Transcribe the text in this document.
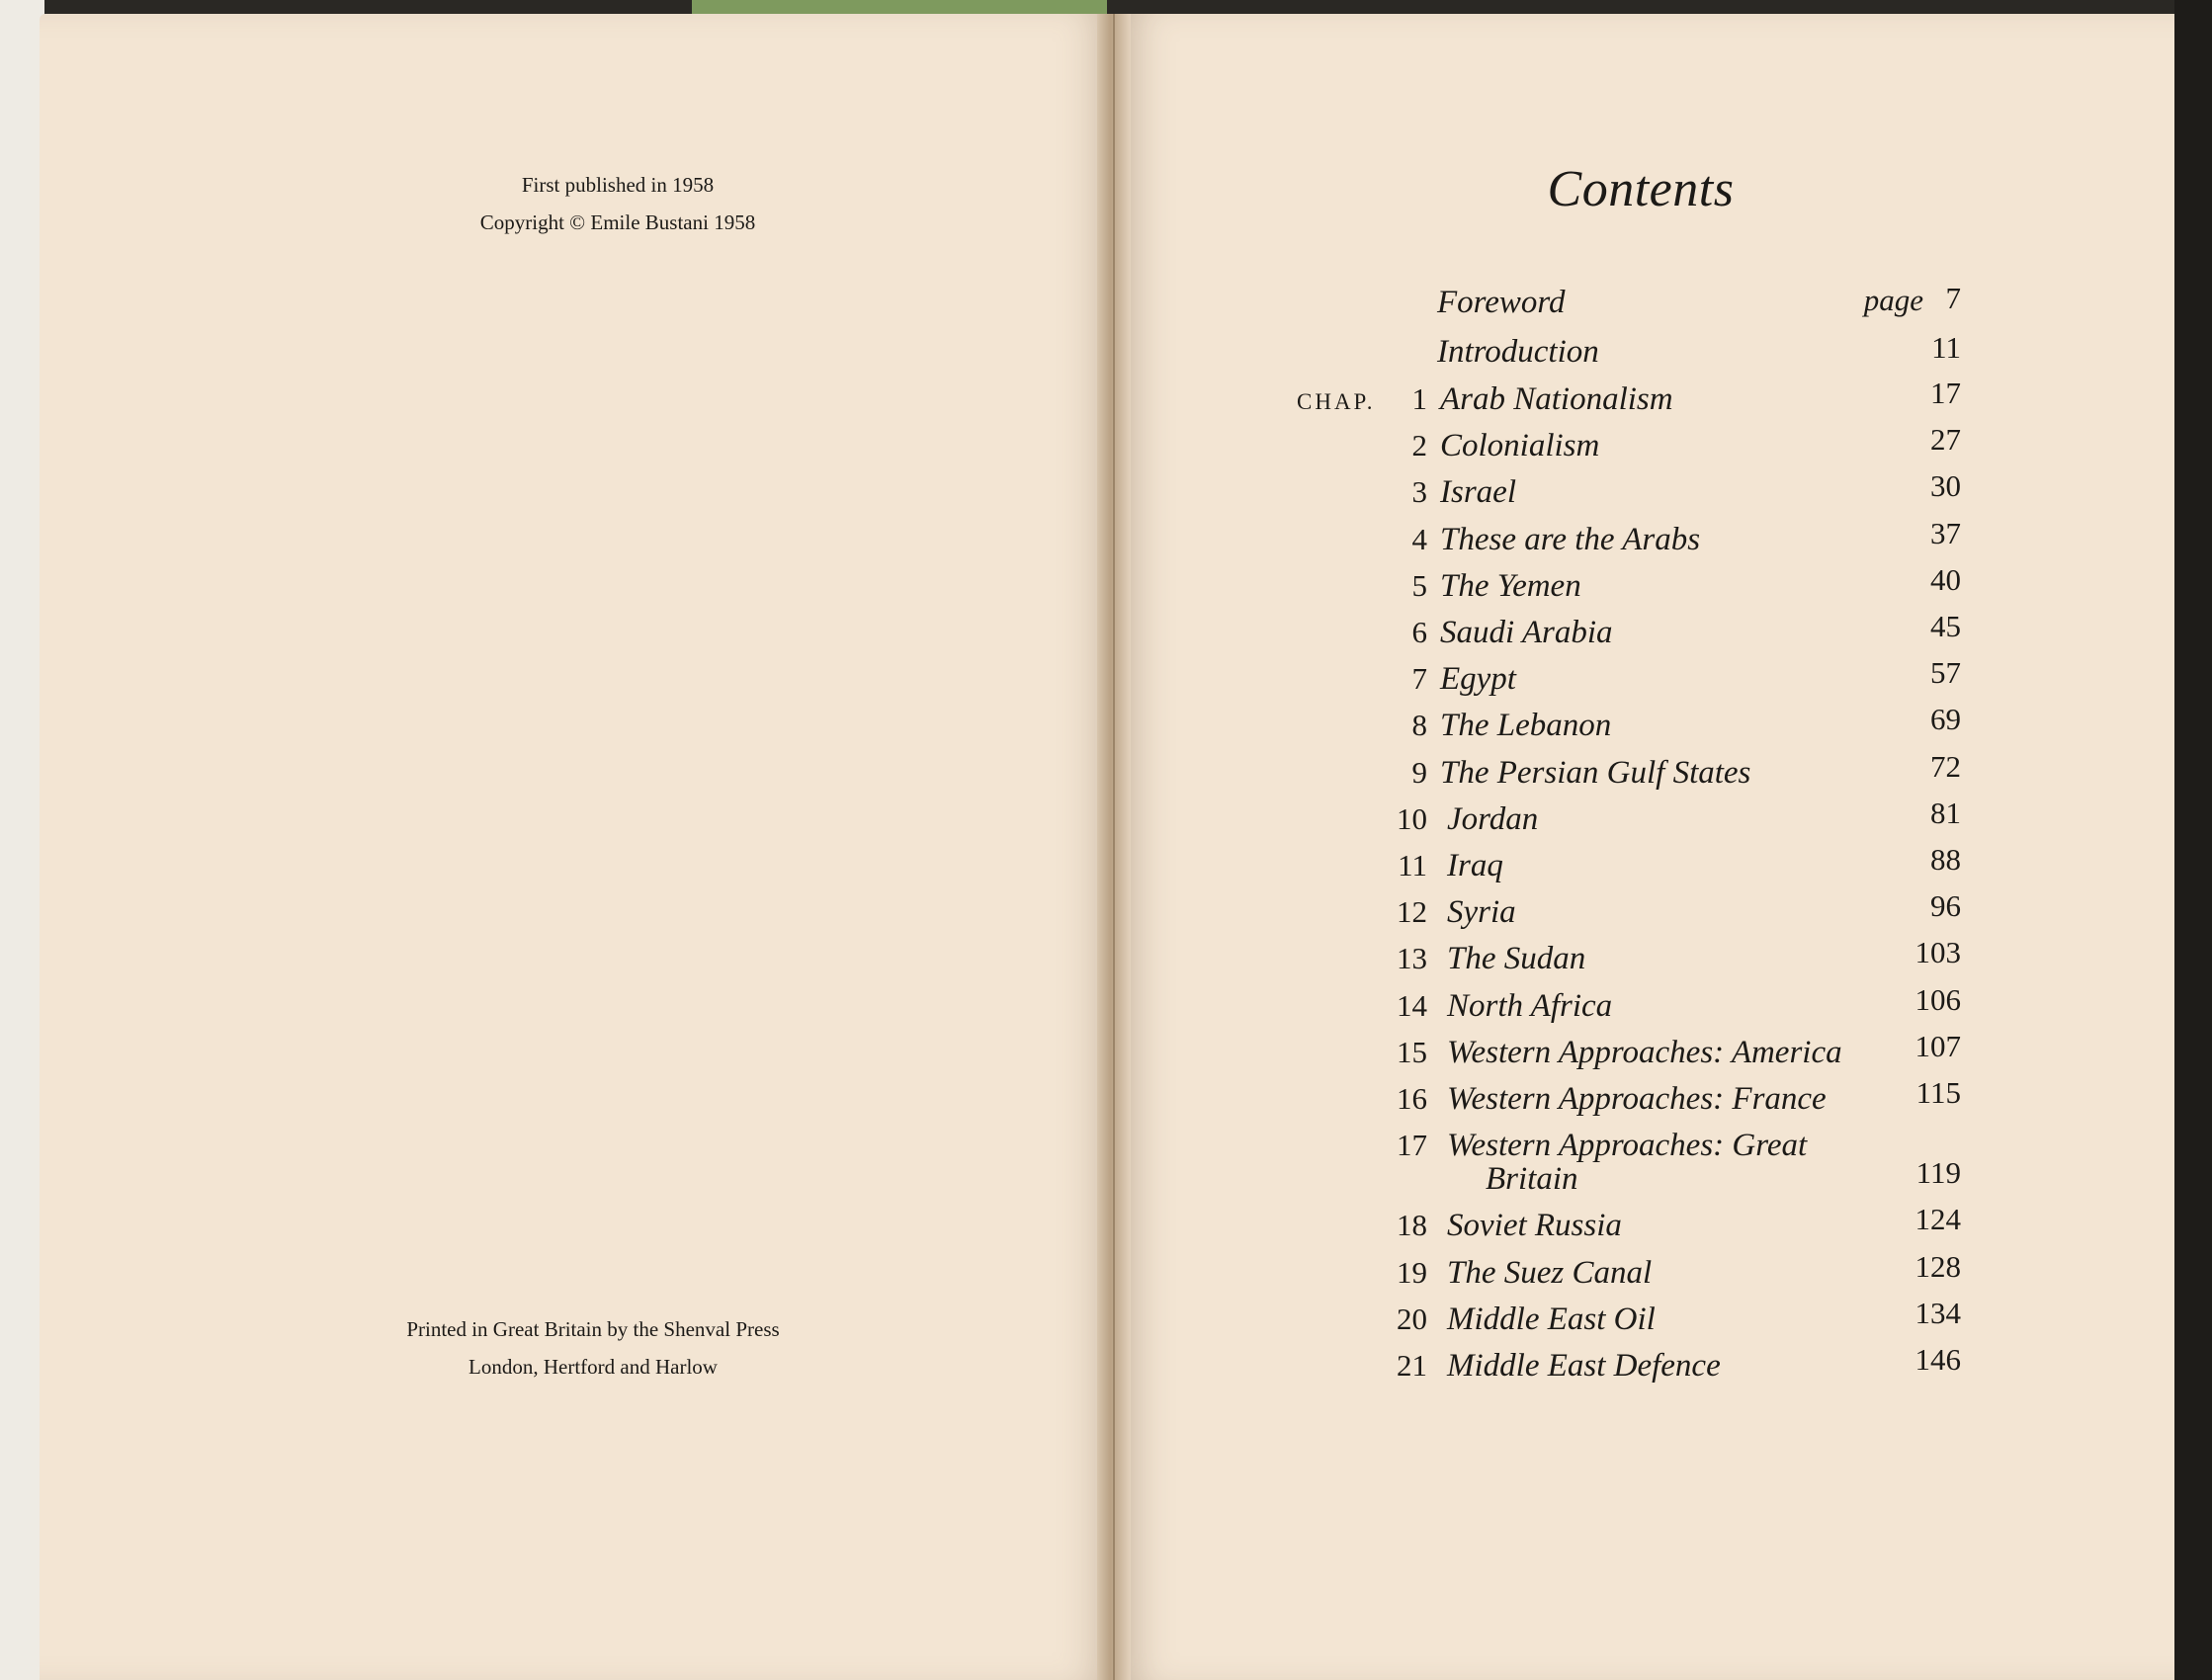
First published in 1958
Copyright © Emile Bustani 1958
Printed in Great Britain by the Shenval Press
London, Hertford and Harlow
Contents
Foreword	page 7
Introduction	11
CHAP.	1 Arab Nationalism	17
2 Colonialism	27
3 Israel	30
4 These are the Arabs	37
5 The Yemen	40
6 Saudi Arabia	45
7 Egypt	57
8 The Lebanon	69
9 The Persian Gulf States	72
10 Jordan	81
11 Iraq	88
12 Syria	96
13 The Sudan	103
14 North Africa	106
15 Western Approaches: America	107
16 Western Approaches: France	115
17 Western Approaches: Great
Britain	119
18 Soviet Russia	124
19 The Suez Canal	128
20 Middle East Oil	134
21 Middle East Defence	146
